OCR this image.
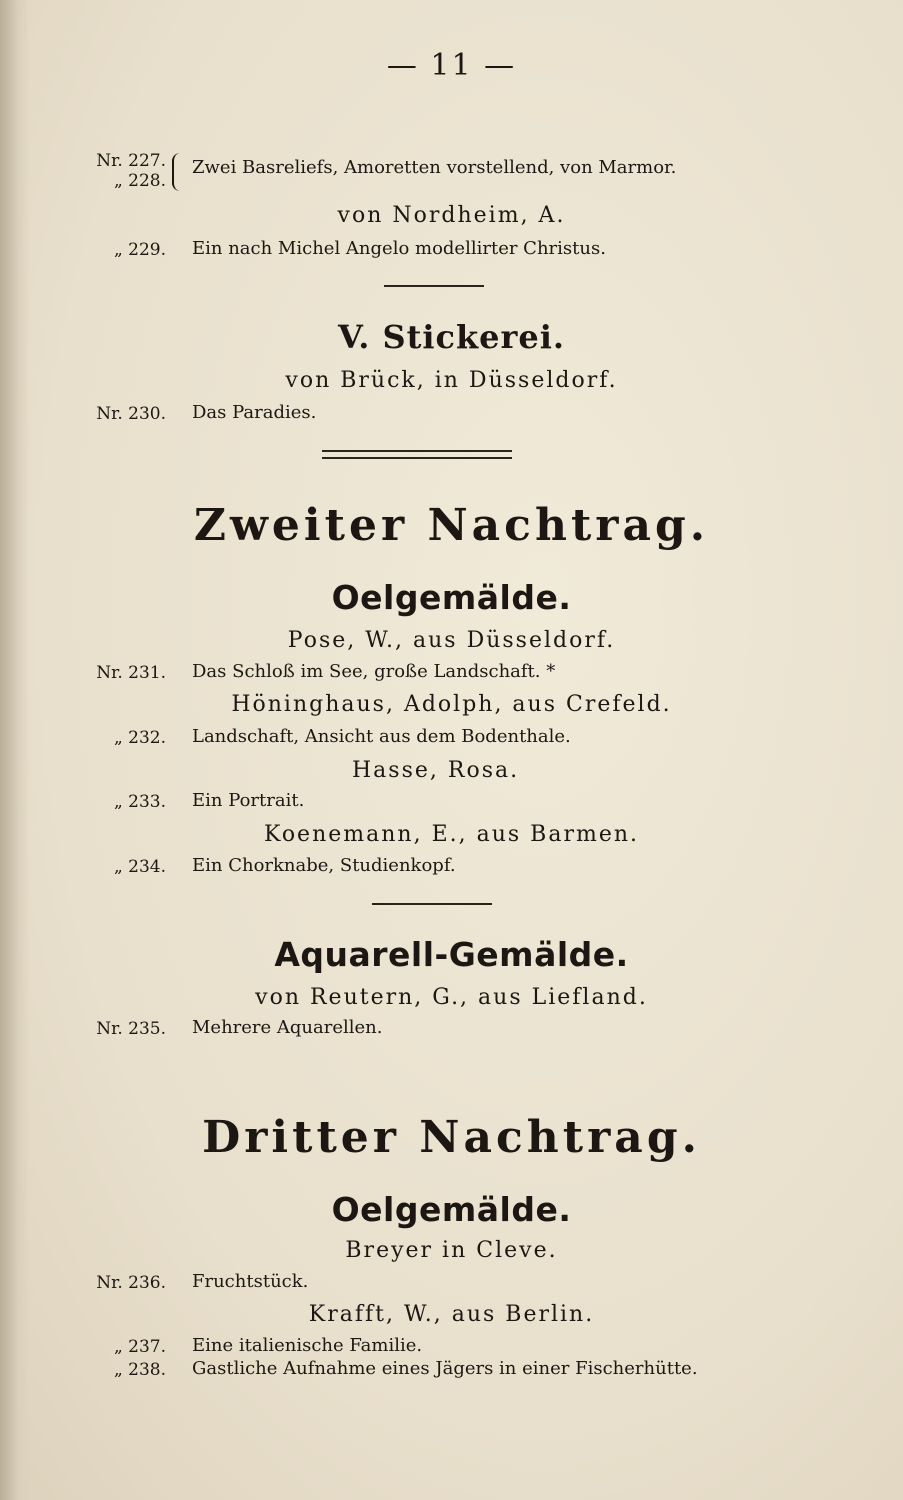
— 11 —
Nr. 227.
„ 228.
Zwei Basreliefs, Amoretten vorstellend, von Marmor.
von Nordheim, A.
„ 229. Ein nach Michel Angelo modellirter Christus.
V. Stickerei.
von Brück, in Düsseldorf.
Nr. 230. Das Paradies.
Zweiter Nachtrag.
Oelgemälde.
Pose, W., aus Düsseldorf.
Nr. 231. Das Schloß im See, große Landschaft. *
Höninghaus, Adolph, aus Crefeld.
„ 232. Landschaft, Ansicht aus dem Bodenthale.
Hasse, Rosa.
„ 233. Ein Portrait.
Koenemann, E., aus Barmen.
„ 234. Ein Chorknabe, Studienkopf.
Aquarell-Gemälde.
von Reutern, G., aus Liefland.
Nr. 235. Mehrere Aquarellen.
Dritter Nachtrag.
Oelgemälde.
Breyer in Cleve.
Nr. 236. Fruchtstück.
Krafft, W., aus Berlin.
„ 237. Eine italienische Familie.
„ 238. Gastliche Aufnahme eines Jägers in einer Fischerhütte.
